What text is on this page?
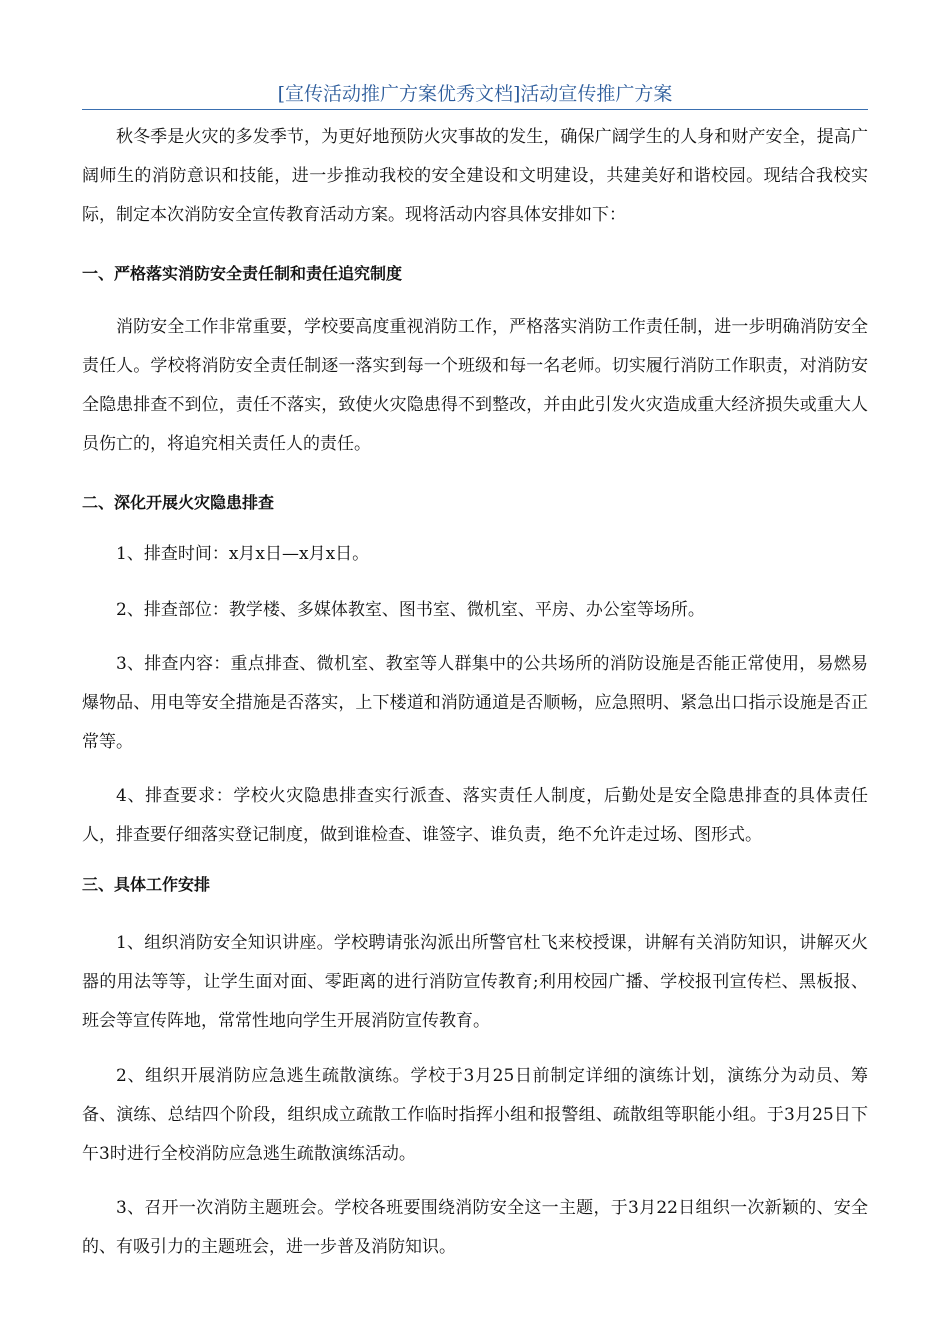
[宣传活动推广方案优秀文档]活动宣传推广方案

秋冬季是火灾的多发季节，为更好地预防火灾事故的发生，确保广阔学生的人身和财产安全，提高广阔师生的消防意识和技能，进一步推动我校的安全建设和文明建设，共建美好和谐校园。现结合我校实际，制定本次消防安全宣传教育活动方案。现将活动内容具体安排如下：

一、严格落实消防安全责任制和责任追究制度

消防安全工作非常重要，学校要高度重视消防工作，严格落实消防工作责任制，进一步明确消防安全责任人。学校将消防安全责任制逐一落实到每一个班级和每一名老师。切实履行消防工作职责，对消防安全隐患排查不到位，责任不落实，致使火灾隐患得不到整改，并由此引发火灾造成重大经济损失或重大人员伤亡的，将追究相关责任人的责任。

二、深化开展火灾隐患排查

1、排查时间：x月x日—x月x日。

2、排查部位：教学楼、多媒体教室、图书室、微机室、平房、办公室等场所。

3、排查内容：重点排查、微机室、教室等人群集中的公共场所的消防设施是否能正常使用，易燃易爆物品、用电等安全措施是否落实，上下楼道和消防通道是否顺畅，应急照明、紧急出口指示设施是否正常等。

4、排查要求：学校火灾隐患排查实行派查、落实责任人制度，后勤处是安全隐患排查的具体责任人，排查要仔细落实登记制度，做到谁检查、谁签字、谁负责，绝不允许走过场、图形式。

三、具体工作安排

1、组织消防安全知识讲座。学校聘请张沟派出所警官杜飞来校授课，讲解有关消防知识，讲解灭火器的用法等等，让学生面对面、零距离的进行消防宣传教育;利用校园广播、学校报刊宣传栏、黑板报、班会等宣传阵地，常常性地向学生开展消防宣传教育。

2、组织开展消防应急逃生疏散演练。学校于3月25日前制定详细的演练计划，演练分为动员、筹备、演练、总结四个阶段，组织成立疏散工作临时指挥小组和报警组、疏散组等职能小组。于3月25日下午3时进行全校消防应急逃生疏散演练活动。

3、召开一次消防主题班会。学校各班要围绕消防安全这一主题，于3月22日组织一次新颖的、安全的、有吸引力的主题班会，进一步普及消防知识。
